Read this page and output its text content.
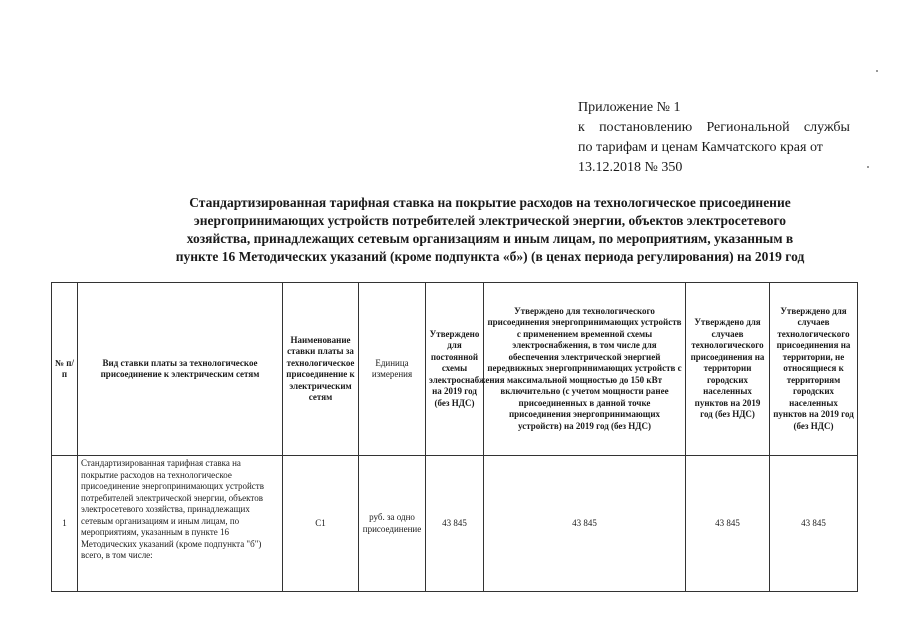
Приложение № 1
к постановлению Региональной службы
по тарифам и ценам Камчатского края от
13.12.2018 № 350
Стандартизированная тарифная ставка на покрытие расходов на технологическое присоединение
энергопринимающих устройств потребителей электрической энергии, объектов электросетевого
хозяйства, принадлежащих сетевым организациям и иным лицам, по мероприятиям, указанным в
пункте 16 Методических указаний (кроме подпункта «б») (в ценах периода регулирования) на 2019 год
№ п/п	Вид ставки платы за технологическое присоединение к электрическим сетям	Наименование ставки платы за технологическое присоединение к электрическим сетям	Единица измерения	Утверждено для постоянной схемы электроснабжения на 2019 год (без НДС)	Утверждено для технологического присоединения энергопринимающих устройств с применением временной схемы электроснабжения, в том числе для обеспечения электрической энергией передвижных энергопринимающих устройств с максимальной мощностью до 150 кВт включительно (с учетом мощности ранее присоединенных в данной точке присоединения энергопринимающих устройств) на 2019 год (без НДС)	Утверждено для случаев технологического присоединения на территории городских населенных пунктов на 2019 год (без НДС)	Утверждено для случаев технологического присоединения на территории, не относящиеся к территориям городских населенных пунктов на 2019 год (без НДС)
1	Стандартизированная тарифная ставка на покрытие расходов на технологическое присоединение энергопринимающих устройств потребителей электрической энергии, объектов электросетевого хозяйства, принадлежащих сетевым организациям и иным лицам, по мероприятиям, указанным в пункте 16 Методических указаний (кроме подпункта "б") всего, в том числе:	C1	руб. за одно присоединение	43 845	43 845	43 845	43 845
